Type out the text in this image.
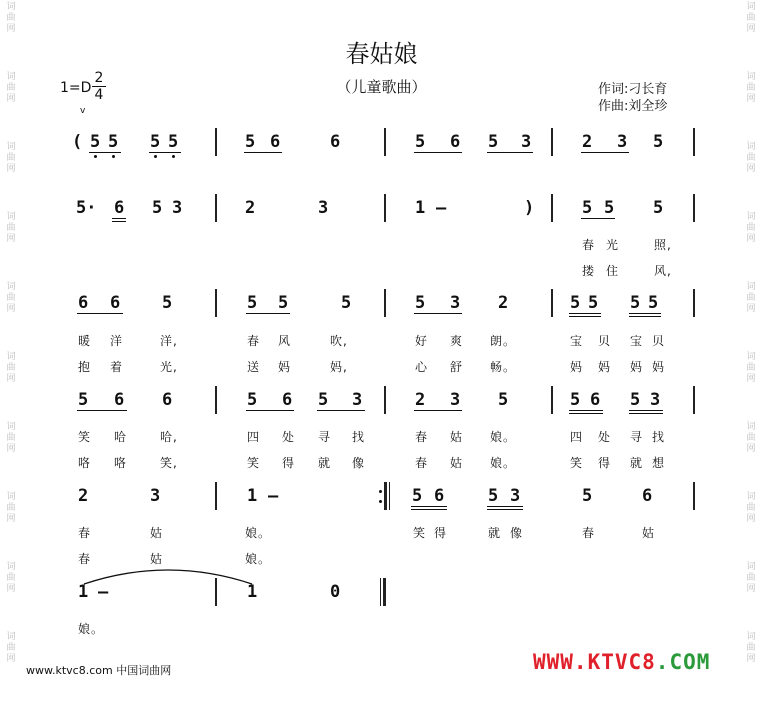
春姑娘
（儿童歌曲）
$1=D \frac{2}{4}$
v
作词:刁长育
作曲:刘全珍
词
曲
网
词
曲
网
词
曲
网
词
曲
网
词
曲
网
词
曲
网
词
曲
网
词
曲
网
词
曲
网
词
曲
网
词
曲
网
词
曲
网
词
曲
网
词
曲
网
词
曲
网
词
曲
网
词
曲
网
词
曲
网
词
曲
网
词
曲
网
( 5 5 5 5	5 6	6	5 6 5 3	2 3 5
5· 6 5 3	2	3	1 –	)	5 5 5
春 光	照,
搂 住	风,
6 6 5	5 5	5	5 3 2	5 5 5 5
暖 洋	洋,	春 风	吹,	好 爽 朗。	宝 贝 宝 贝
抱 着	光,	送 妈	妈,	心 舒 畅。	妈 妈 妈 妈
5 6 6	5 6 5 3	2 3 5	5 6 5 3
笑 哈	哈,	四 处 寻 找	春 姑 娘。	四 处 寻 找
咯 咯	笑,	笑 得 就 像	春 姑 娘。	笑 得 就 想
2	3	1 –	5 6	5 3	5	6
春	姑	娘。	笑 得	就 像	春	姑
春	姑	娘。
1 –	1	0
娘。
www.ktvc8.com 中国词曲网	WWW.KTVC8.COM
